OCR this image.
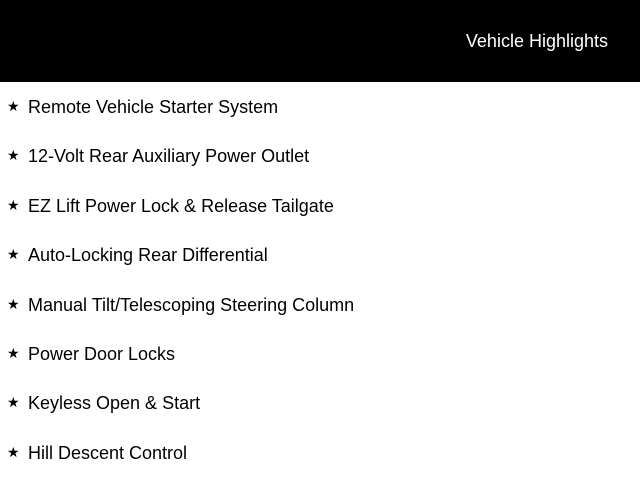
Vehicle Highlights
★ Remote Vehicle Starter System
★ 12-Volt Rear Auxiliary Power Outlet
★ EZ Lift Power Lock & Release Tailgate
★ Auto-Locking Rear Differential
★ Manual Tilt/Telescoping Steering Column
★ Power Door Locks
★ Keyless Open & Start
★ Hill Descent Control
